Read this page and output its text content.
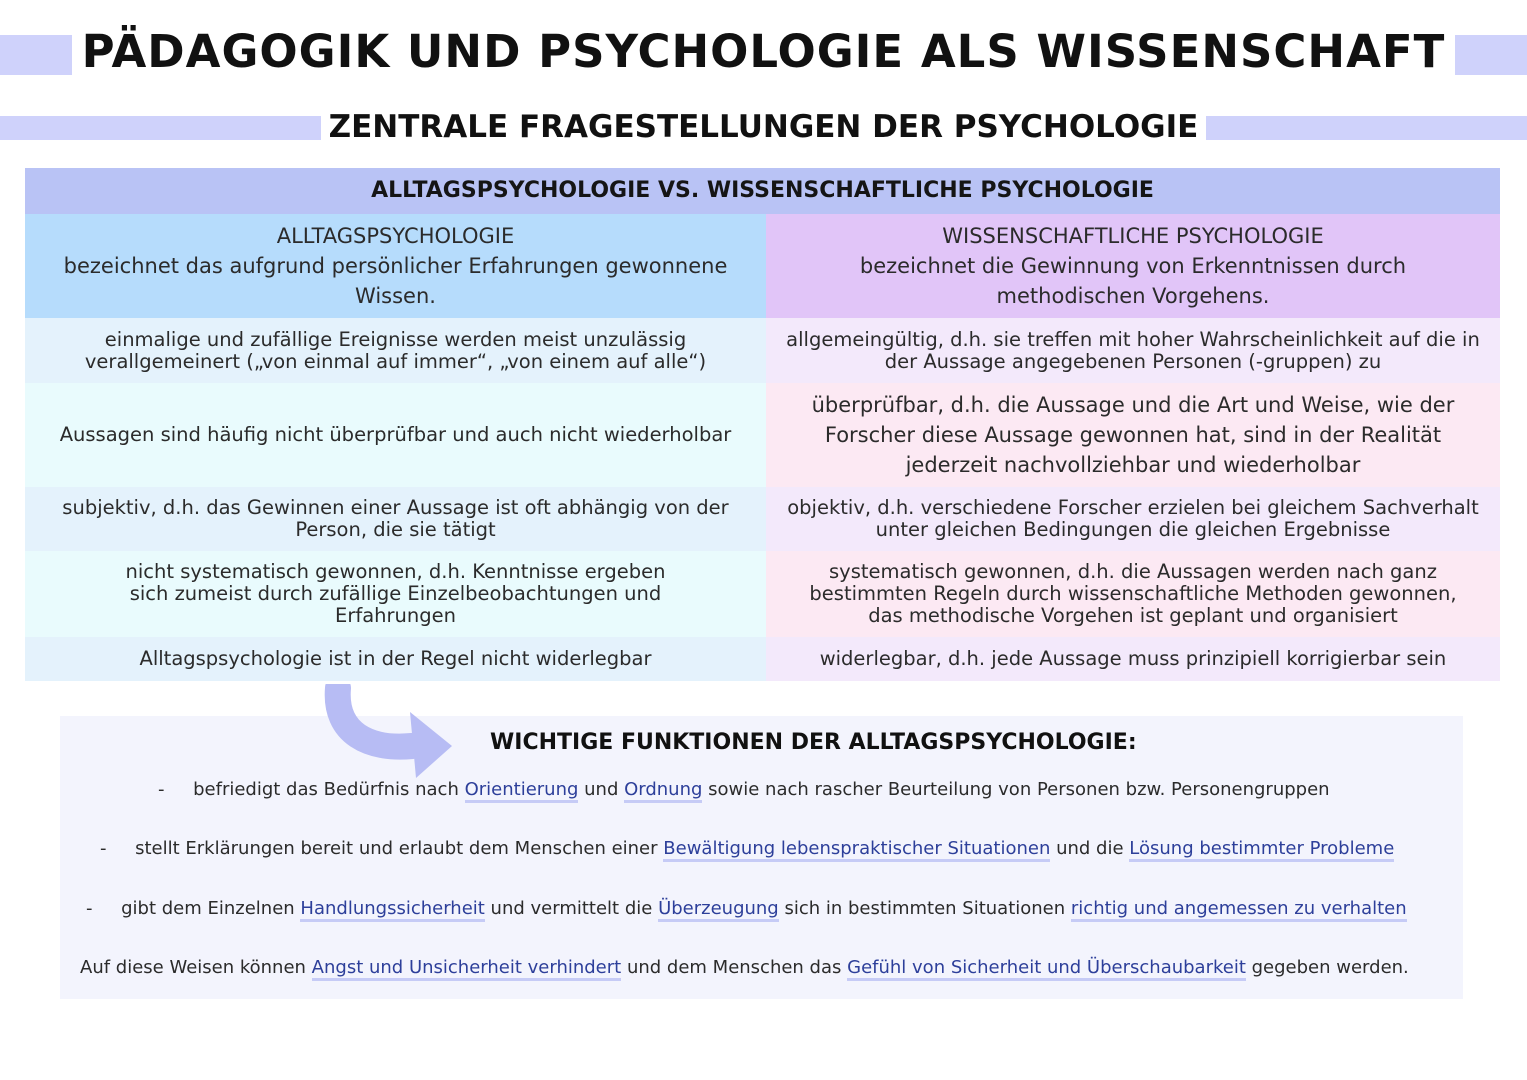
PÄDAGOGIK UND PSYCHOLOGIE ALS WISSENSCHAFT
ZENTRALE FRAGESTELLUNGEN DER PSYCHOLOGIE
ALLTAGSPSYCHOLOGIE VS. WISSENSCHAFTLICHE PSYCHOLOGIE
ALLTAGSPSYCHOLOGIE
bezeichnet das aufgrund persönlicher Erfahrungen gewonnene Wissen.
WISSENSCHAFTLICHE PSYCHOLOGIE
bezeichnet die Gewinnung von Erkenntnissen durch methodischen Vorgehens.
einmalige und zufällige Ereignisse werden meist unzulässig verallgemeinert („von einmal auf immer“, „von einem auf alle“)
allgemeingültig, d.h. sie treffen mit hoher Wahrscheinlichkeit auf die in der Aussage angegebenen Personen (-gruppen) zu
Aussagen sind häufig nicht überprüfbar und auch nicht wiederholbar
überprüfbar, d.h. die Aussage und die Art und Weise, wie der Forscher diese Aussage gewonnen hat, sind in der Realität jederzeit nachvollziehbar und wiederholbar
subjektiv, d.h. das Gewinnen einer Aussage ist oft abhängig von der Person, die sie tätigt
objektiv, d.h. verschiedene Forscher erzielen bei gleichem Sachverhalt unter gleichen Bedingungen die gleichen Ergebnisse
nicht systematisch gewonnen, d.h. Kenntnisse ergeben sich zumeist durch zufällige Einzelbeobachtungen und Erfahrungen
systematisch gewonnen, d.h. die Aussagen werden nach ganz bestimmten Regeln durch wissenschaftliche Methoden gewonnen, das methodische Vorgehen ist geplant und organisiert
Alltagspsychologie ist in der Regel nicht widerlegbar	widerlegbar, d.h. jede Aussage muss prinzipiell korrigierbar sein
WICHTIGE FUNKTIONEN DER ALLTAGSPSYCHOLOGIE:
- befriedigt das Bedürfnis nach Orientierung und Ordnung sowie nach rascher Beurteilung von Personen bzw. Personengruppen
- stellt Erklärungen bereit und erlaubt dem Menschen einer Bewältigung lebenspraktischer Situationen und die Lösung bestimmter Probleme
- gibt dem Einzelnen Handlungssicherheit und vermittelt die Überzeugung sich in bestimmten Situationen richtig und angemessen zu verhalten
Auf diese Weisen können Angst und Unsicherheit verhindert und dem Menschen das Gefühl von Sicherheit und Überschaubarkeit gegeben werden.
